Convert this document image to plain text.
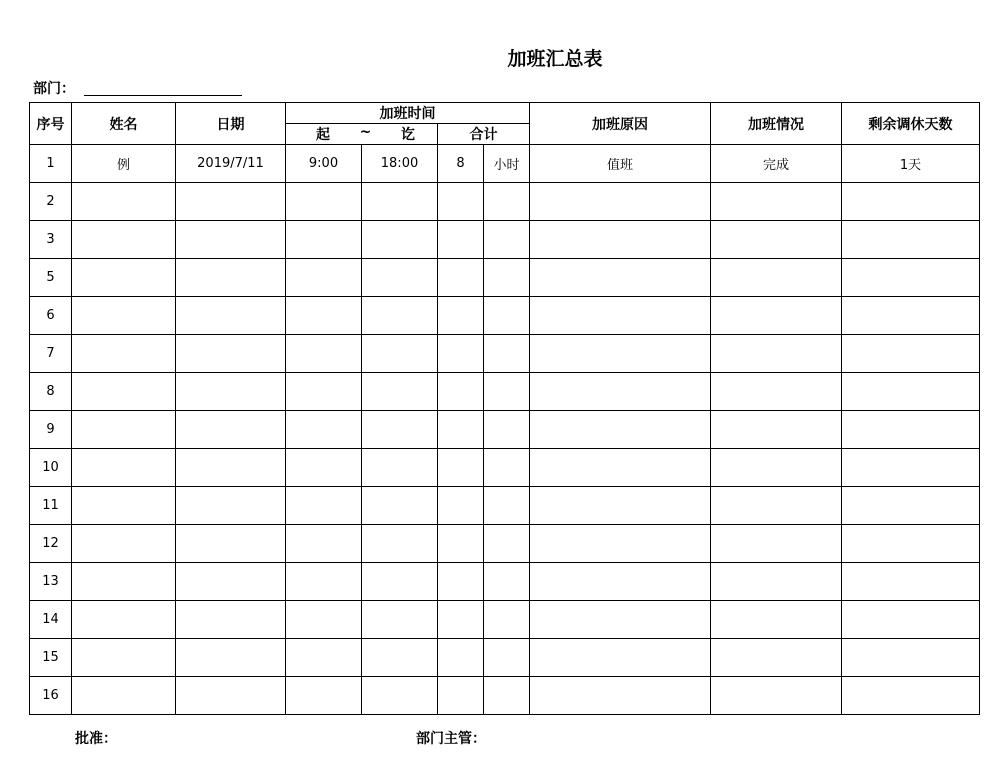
加班汇总表
部门：
序号	姓名	日期	加班时间				加班原因	加班情况	剩余调休天数

			起 ~ 讫		合计				
1	例	2019/7/11	9:00	18:00	8	小时	值班	完成	1天
2									
3									
5									
6									
7									
8									
9									
10									
11									
12									
13									
14									
15									
16									
批准：	部门主管：
